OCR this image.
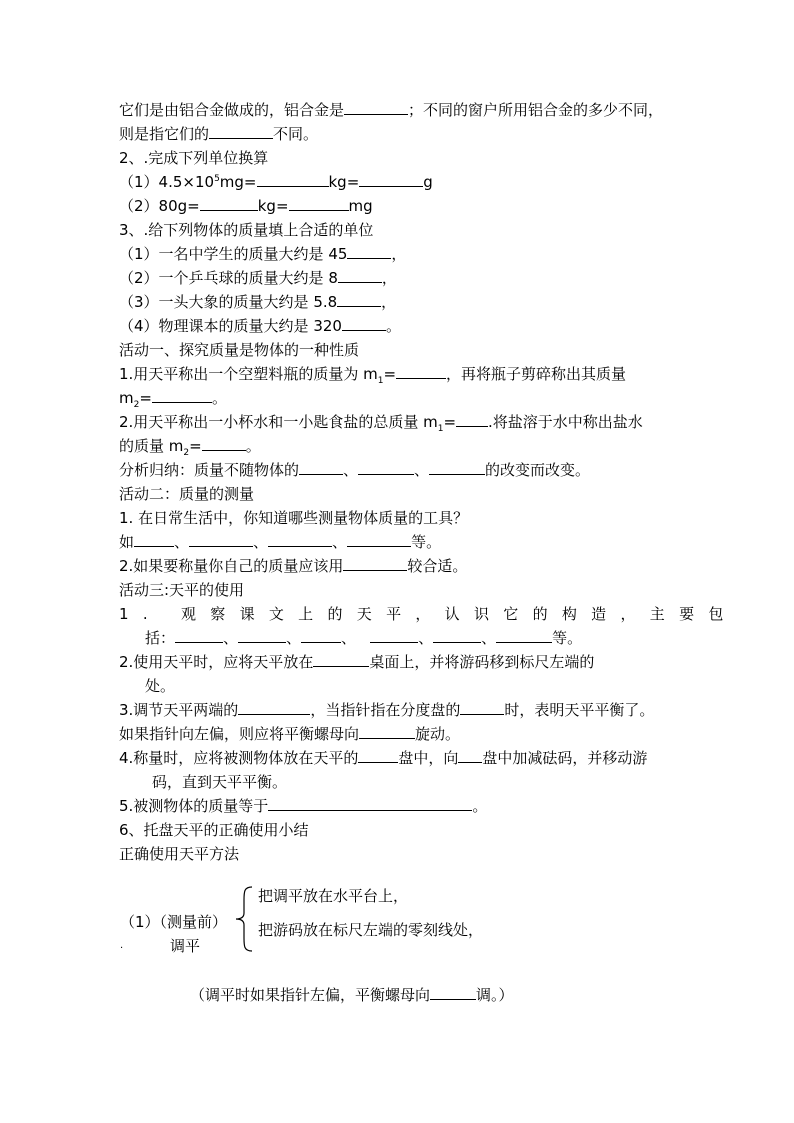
它们是由铝合金做成的，铝合金是	；不同的窗户所用铝合金的多少不同，
则是指它们的	不同。
2、.完成下列单位换算
$(1)4.5\times 10^5mg=$	kg=	g
（2）80g=	kg=	mg
3、.给下列物体的质量填上合适的单位
（1）一名中学生的质量大约是 45	，
（2）一个乒乓球的质量大约是 8	，
（3）一头大象的质量大约是 5.8	，
（4）物理课本的质量大约是 320	。
活动一、探究质量是物体的一种性质
1.用天平称出一个空塑料瓶的质量为 $m_1=$	，再将瓶子剪碎称出其质量
$m_2=$	。
2.用天平称出一小杯水和一小匙食盐的总质量 $m_1=$ .将盐溶于水中称出盐水
的质量 $m_2=$	。
分析归纳：质量不随物体的	、	、	的改变而改变。
活动二：质量的测量
1. 在日常生活中，你知道哪些测量物体质量的工具？
如	、	、	、	等。
2.如果要称量你自己的质量应该用	较合适。
活动三:天平的使用
1. 观察课文上的天平，认识它的构造，主要包
括：	、	、	、	、	、	等。
2.使用天平时，应将天平放在	桌面上，并将游码移到标尺左端的
处。
3.调节天平两端的	，当指针指在分度盘的	时，表明天平平衡了。
如果指针向左偏，则应将平衡螺母向	旋动。
4.称量时，应将被测物体放在天平的	盘中，向 盘中加减砝码，并移动游
码，直到天平平衡。
5.被测物体的质量等于	。
6、托盘天平的正确使用小结
正确使用天平方法
把调平放在水平台上，
（1）（测量前） 把游码放在标尺左端的零刻线处，
.	调平
（调平时如果指针左偏，平衡螺母向	调。）
